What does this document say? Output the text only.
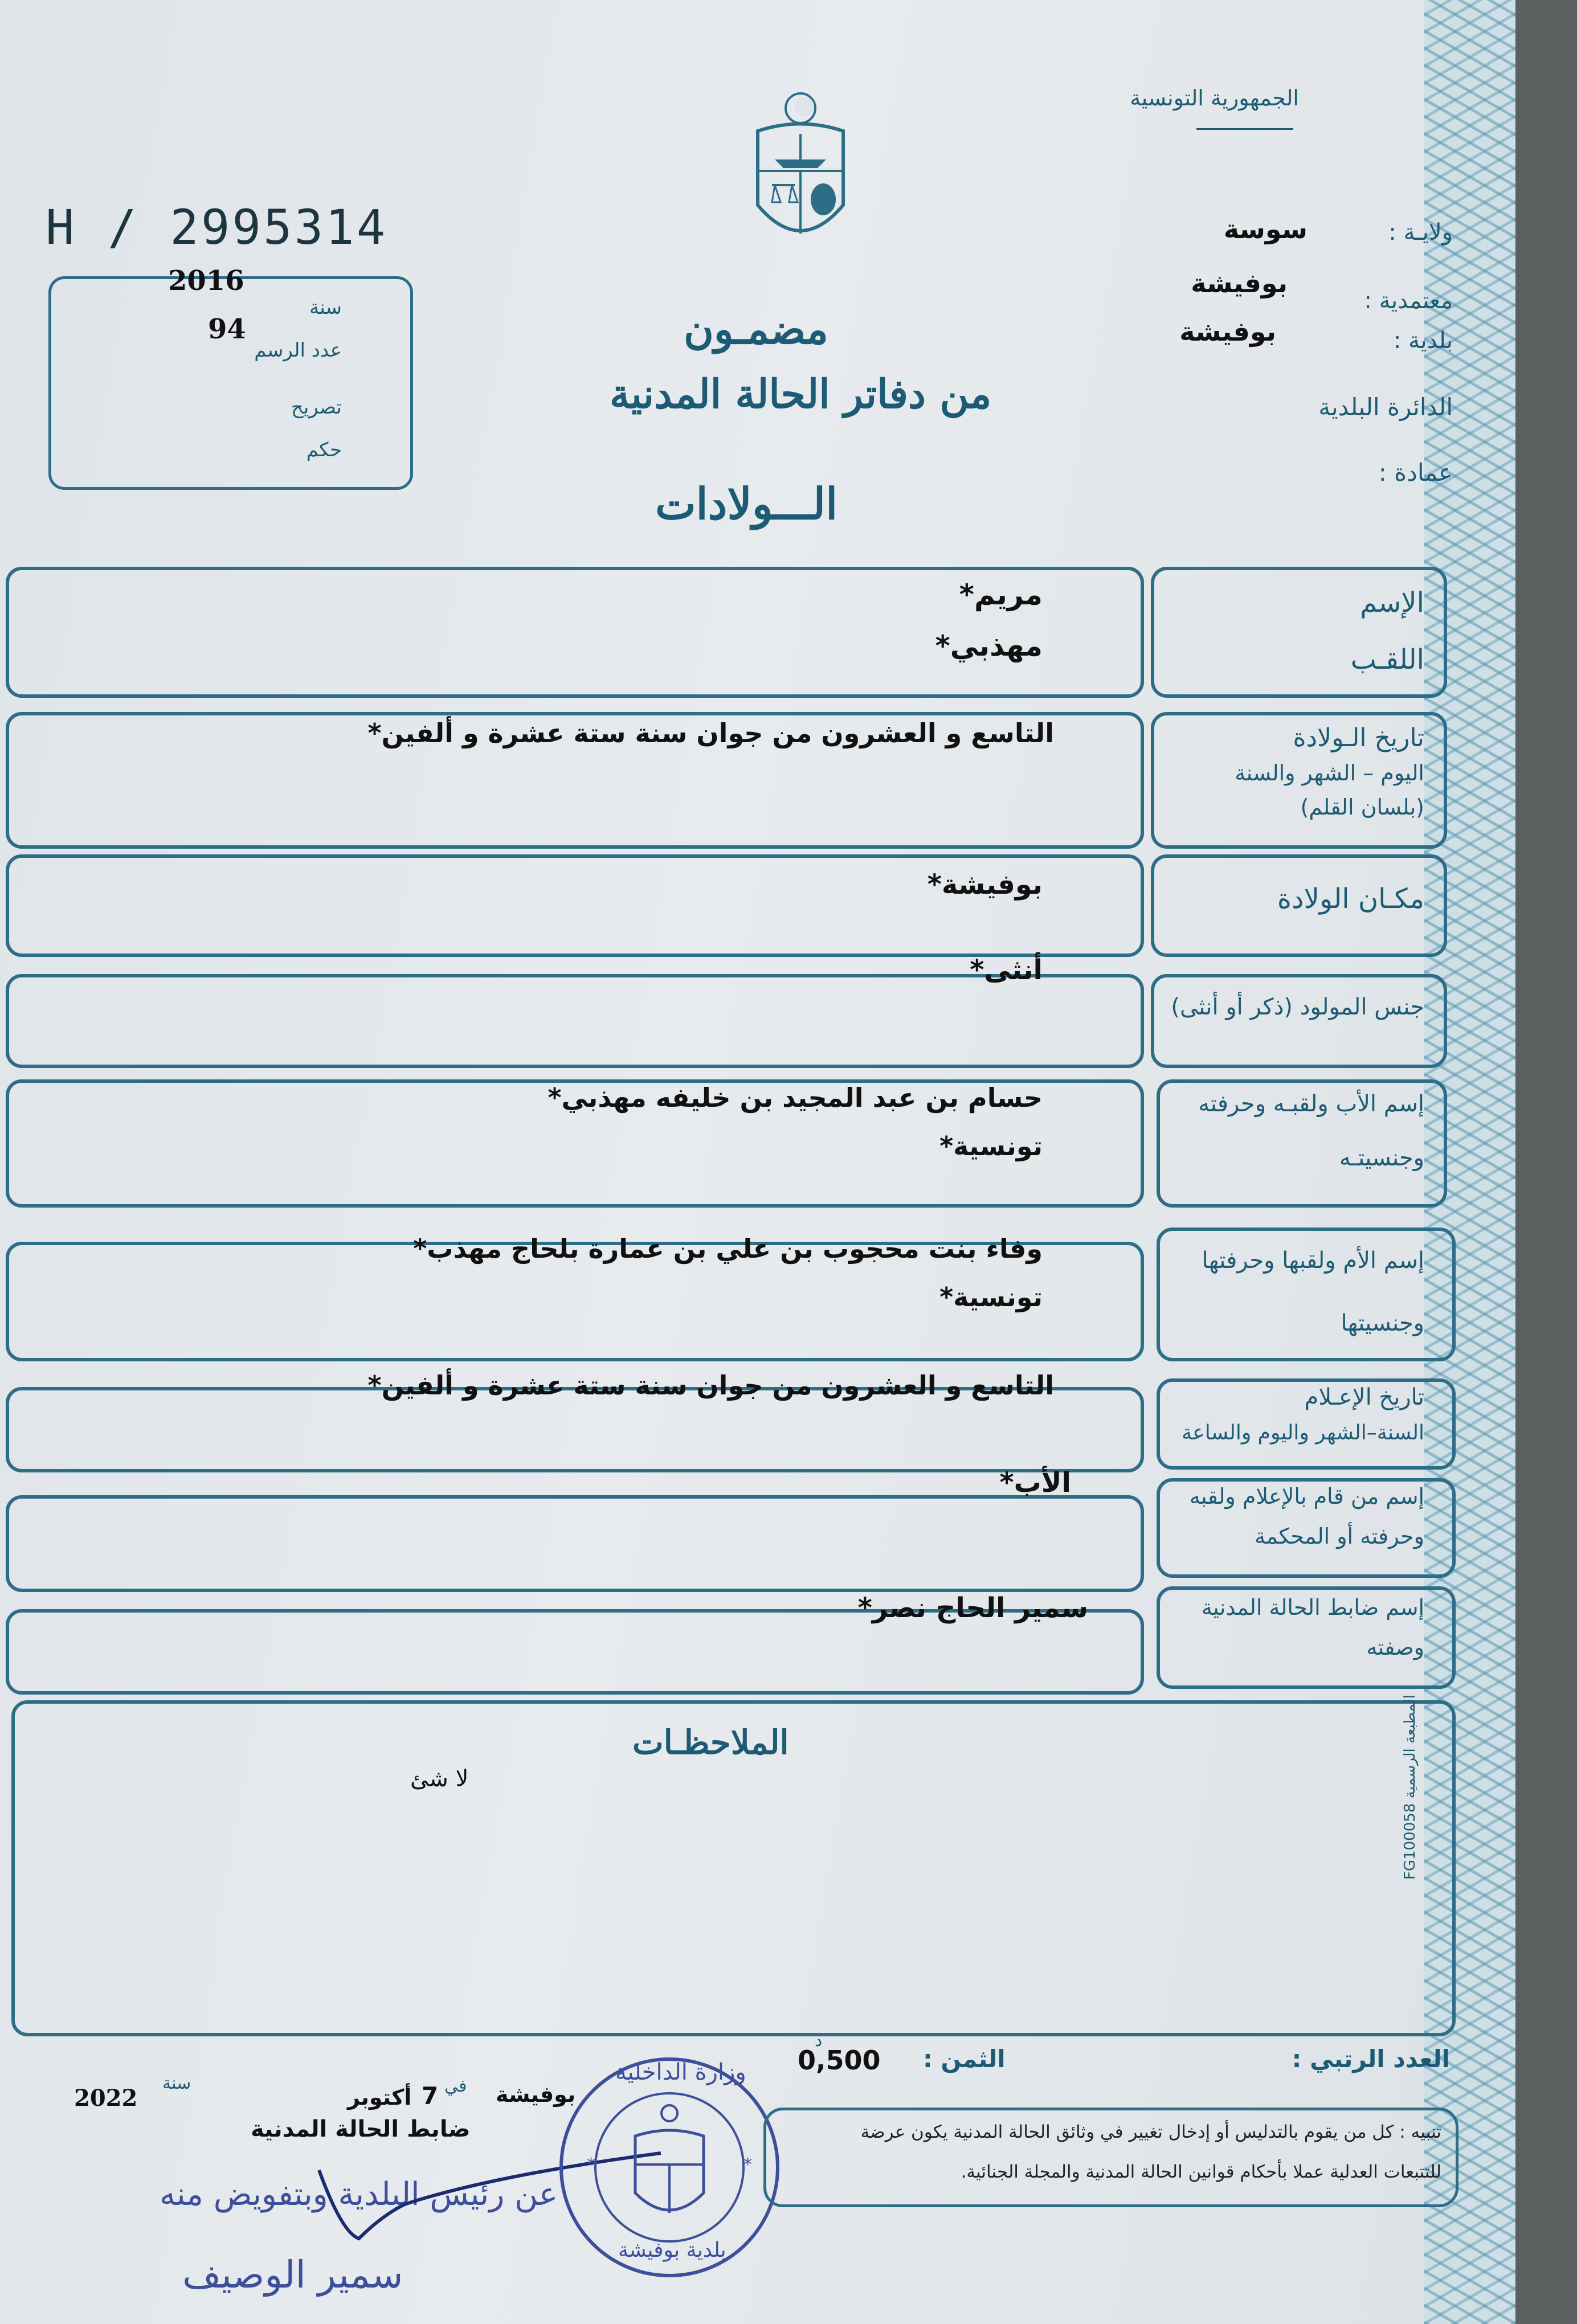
الجمهورية التونسية
H / 2995314
2016
94
سنة
عدد الرسم
تصريح
حكم
مضمـون
من دفاتر الحالة المدنية
الـــولادات
ولايـة :
سوسة
بوفيشة
معتمدية :
بلدية :
بوفيشة
الدائرة البلدية
عمادة :
الإسم
اللقـب
مريم*
مهذبي*
تاريخ الـولادة
اليوم – الشهر والسنة
(بلسان القلم)
التاسع و العشرون من جوان سنة ستة عشرة و ألفين*
مكـان الولادة
بوفيشة*
جنس المولود (ذكر أو أنثى)
أنثى*
إسم الأب ولقبـه وحرفته
وجنسيتـه
حسام بن عبد المجيد بن خليفه مهذبي*
تونسية*
إسم الأم ولقبها وحرفتها
وجنسيتها
وفاء بنت محجوب بن علي بن عمارة بلحاج مهذب*
تونسية*
تاريخ الإعـلام
السنة–الشهر واليوم والساعة
التاسع و العشرون من جوان سنة ستة عشرة و ألفين*
إسم من قام بالإعلام ولقبه
وحرفته أو المحكمة
الأب*
إسم ضابط الحالة المدنية
وصفته
سمير الحاج نصر*
الملاحظـات
لا شئ
المطبعة الرسمية FG100058
العدد الرتبي :
الثمن :
0,500
د
بوفيشة
في
7
أكتوبر
سنة
2022
ضابط الحالة المدنية
عن رئيس البلدية وبتفويض منه
سمير الوصيف
*	*
وزارة الداخلية
بلدية بوفيشة
تنبيه : كل من يقوم بالتدليس أو إدخال تغيير في وثائق الحالة المدنية يكون عرضة
للتتبعات العدلية عملا بأحكام قوانين الحالة المدنية والمجلة الجنائية.
